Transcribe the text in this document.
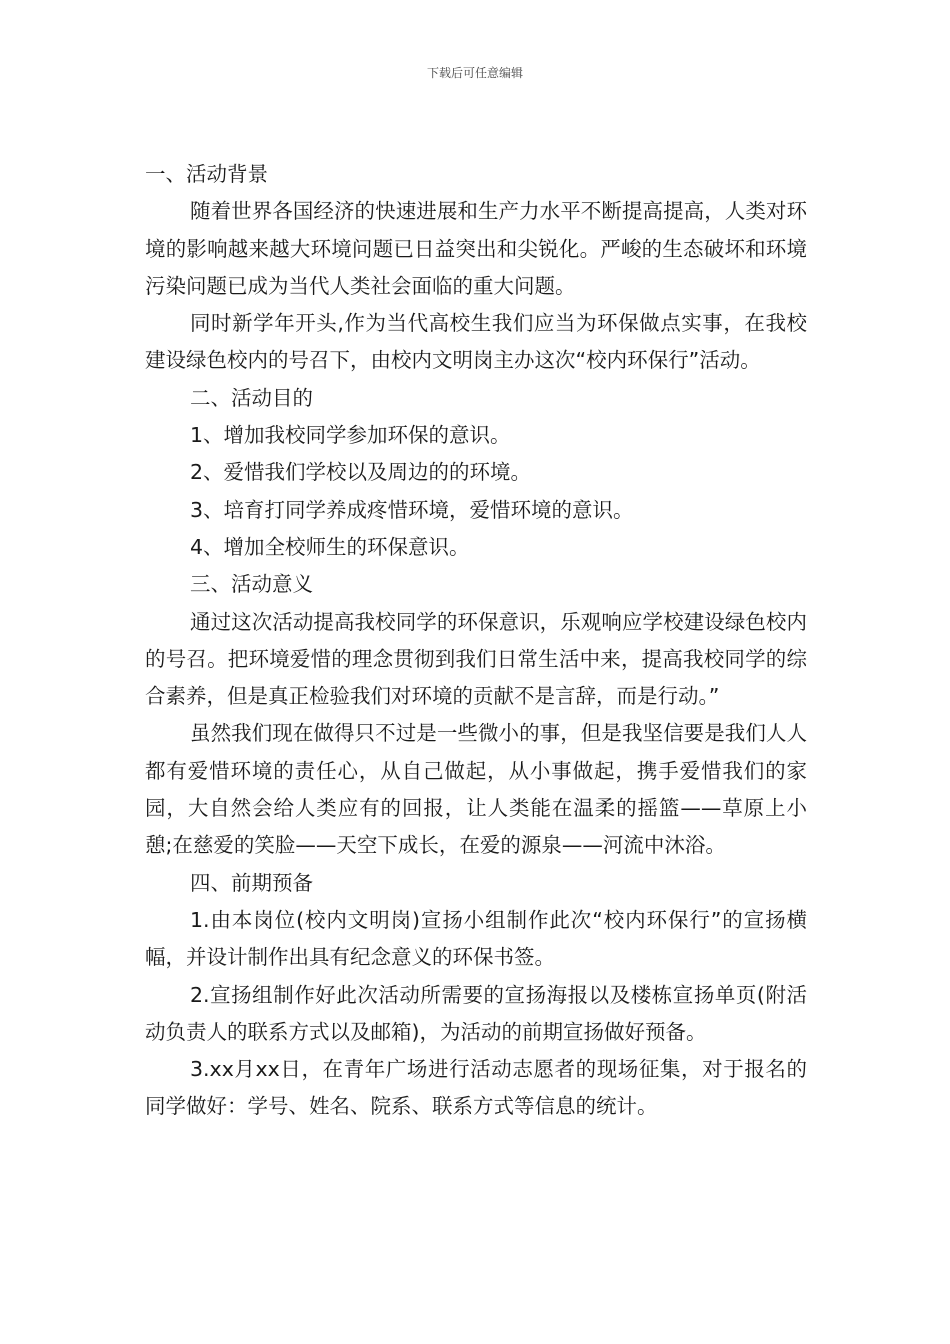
下载后可任意编辑

一、活动背景

随着世界各国经济的快速进展和生产力水平不断提高提高，人类对环境的影响越来越大环境问题已日益突出和尖锐化。严峻的生态破坏和环境污染问题已成为当代人类社会面临的重大问题。

同时新学年开头,作为当代高校生我们应当为环保做点实事，在我校建设绿色校内的号召下，由校内文明岗主办这次“校内环保行”活动。

二、活动目的

1、增加我校同学参加环保的意识。

2、爱惜我们学校以及周边的的环境。

3、培育打同学养成疼惜环境，爱惜环境的意识。

4、增加全校师生的环保意识。

三、活动意义

通过这次活动提高我校同学的环保意识，乐观响应学校建设绿色校内的号召。把环境爱惜的理念贯彻到我们日常生活中来，提高我校同学的综合素养，但是真正检验我们对环境的贡献不是言辞，而是行动。”

虽然我们现在做得只不过是一些微小的事，但是我坚信要是我们人人都有爱惜环境的责任心，从自己做起，从小事做起，携手爱惜我们的家园，大自然会给人类应有的回报，让人类能在温柔的摇篮——草原上小憩;在慈爱的笑脸——天空下成长，在爱的源泉——河流中沐浴。

四、前期预备

1.由本岗位(校内文明岗)宣扬小组制作此次“校内环保行”的宣扬横幅，并设计制作出具有纪念意义的环保书签。

2.宣扬组制作好此次活动所需要的宣扬海报以及楼栋宣扬单页(附活动负责人的联系方式以及邮箱)，为活动的前期宣扬做好预备。

3.xx月xx日，在青年广场进行活动志愿者的现场征集，对于报名的同学做好：学号、姓名、院系、联系方式等信息的统计。
